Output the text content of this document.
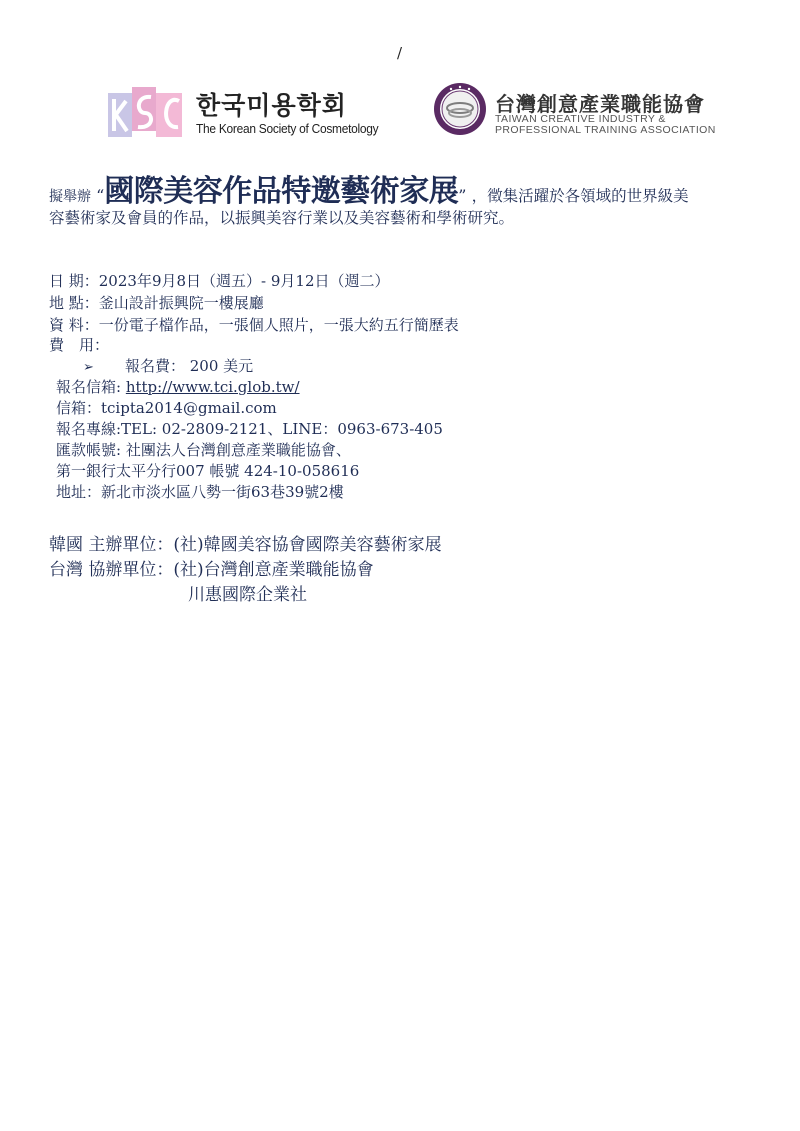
/
한국미용학회
The Korean Society of Cosmetology
台灣創意產業職能協會
TAIWAN CREATIVE INDUSTRY &
PROFESSIONAL TRAINING ASSOCIATION
擬舉辦 “國際美容作品特邀藝術家展” ，徵集活躍於各領域的世界級美
容藝術家及會員的作品，以振興美容行業以及美容藝術和學術研究。
日 期：2023年9月8日（週五）- 9月12日（週二）
地 點：釜山設計振興院一樓展廳
資 料：一份電子檔作品，一張個人照片，一張大約五行簡歷表
費　用：
➢ 報名費： 200 美元
報名信箱: http://www.tci.glob.tw/
信箱：tcipta2014@gmail.com
報名專線:TEL: 02-2809-2121、LINE：0963-673-405
匯款帳號: 社團法人台灣創意產業職能協會、
第一銀行太平分行007 帳號 424-10-058616
地址：新北市淡水區八勢一街63巷39號2樓
韓國 主辦單位：(社)韓國美容協會國際美容藝術家展
台灣 協辦單位：(社)台灣創意產業職能協會
川惠國際企業社
